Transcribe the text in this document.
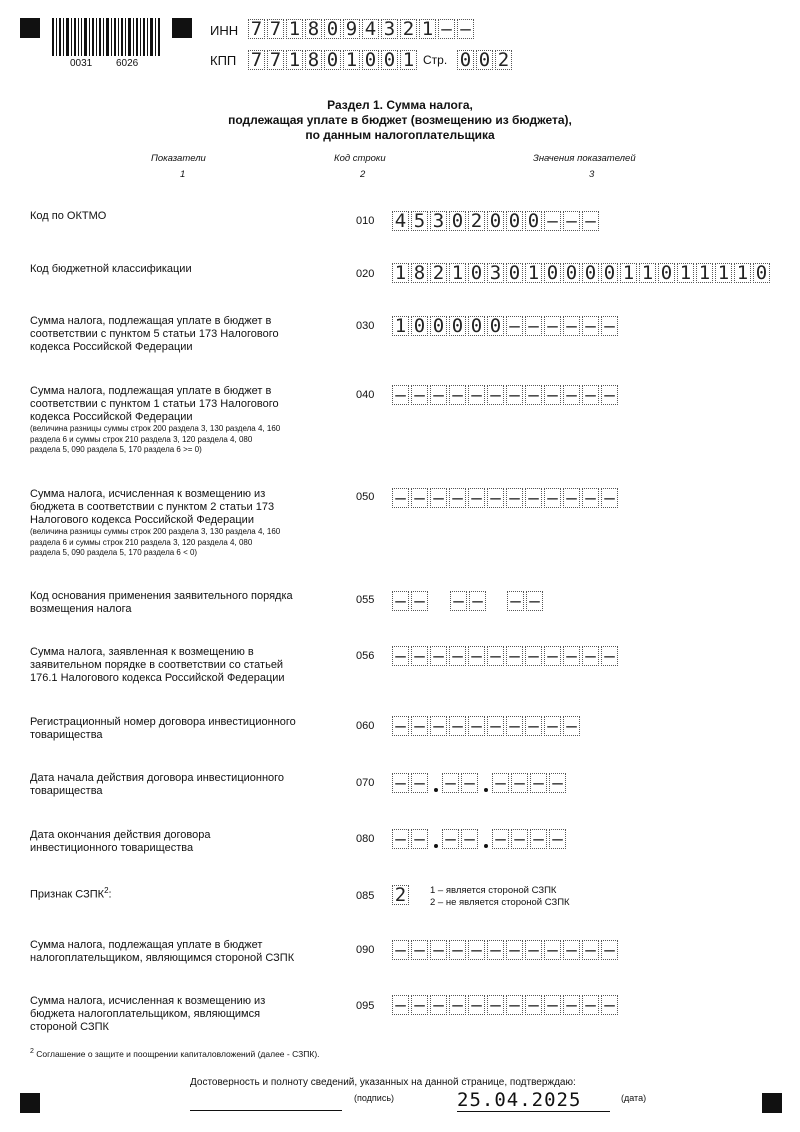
0031 6026
ИНН 7 7 1 8 0 9 4 3 2 1 – –
КПП 7 7 1 8 0 1 0 0 1 Стр. 0 0 2
Раздел 1. Сумма налога,
подлежащая уплате в бюджет (возмещению из бюджета),
по данным налогоплательщика
Показатели	Код строки	Значения показателей
1	2	3
Код по ОКТМО	010 4 5 3 0 2 0 0 0 – – –
Код бюджетной классификации	020 1 8 2 1 0 3 0 1 0 0 0 0 1 1 0 1 1 1 1 0
Сумма налога, подлежащая уплате в бюджет в
соответствии с пунктом 5 статьи 173 Налогового
кодекса Российской Федерации
030 1 0 0 0 0 0 – – – – – –
Сумма налога, подлежащая уплате в бюджет в
соответствии с пунктом 1 статьи 173 Налогового
кодекса Российской Федерации
(величина разницы суммы строк 200 раздела 3, 130 раздела 4, 160
раздела 6 и суммы строк 210 раздела 3, 120 раздела 4, 080
раздела 5, 090 раздела 5, 170 раздела 6 >= 0)
040 – – – – – – – – – – – –
Сумма налога, исчисленная к возмещению из
бюджета в соответствии с пунктом 2 статьи 173
Налогового кодекса Российской Федерации
(величина разницы суммы строк 200 раздела 3, 130 раздела 4, 160
раздела 6 и суммы строк 210 раздела 3, 120 раздела 4, 080
раздела 5, 090 раздела 5, 170 раздела 6 < 0)
050 – – – – – – – – – – – –
Код основания применения заявительного порядка
возмещения налога
055 – – – – – –
Сумма налога, заявленная к возмещению в
заявительном порядке в соответствии со статьей
176.1 Налогового кодекса Российской Федерации
056 – – – – – – – – – – – –
Регистрационный номер договора инвестиционного
товарищества
060 – – – – – – – – – –
Дата начала действия договора инвестиционного
товарищества
070 – – – – – – – –
Дата окончания действия договора
инвестиционного товарищества
080 – – – – – – – –
Признак СЗПК$^2$:	085 2	1 – является стороной СЗПК
2 – не является стороной СЗПК
Сумма налога, подлежащая уплате в бюджет
налогоплательщиком, являющимся стороной СЗПК
090 – – – – – – – – – – – –
Сумма налога, исчисленная к возмещению из
бюджета налогоплательщиком, являющимся
стороной СЗПК
095 – – – – – – – – – – – –
$^2$ Соглашение о защите и поощрении капиталовложений (далее - СЗПК).
Достоверность и полноту сведений, указанных на данной странице, подтверждаю:
(подпись)	25.04.2025	(дата)
